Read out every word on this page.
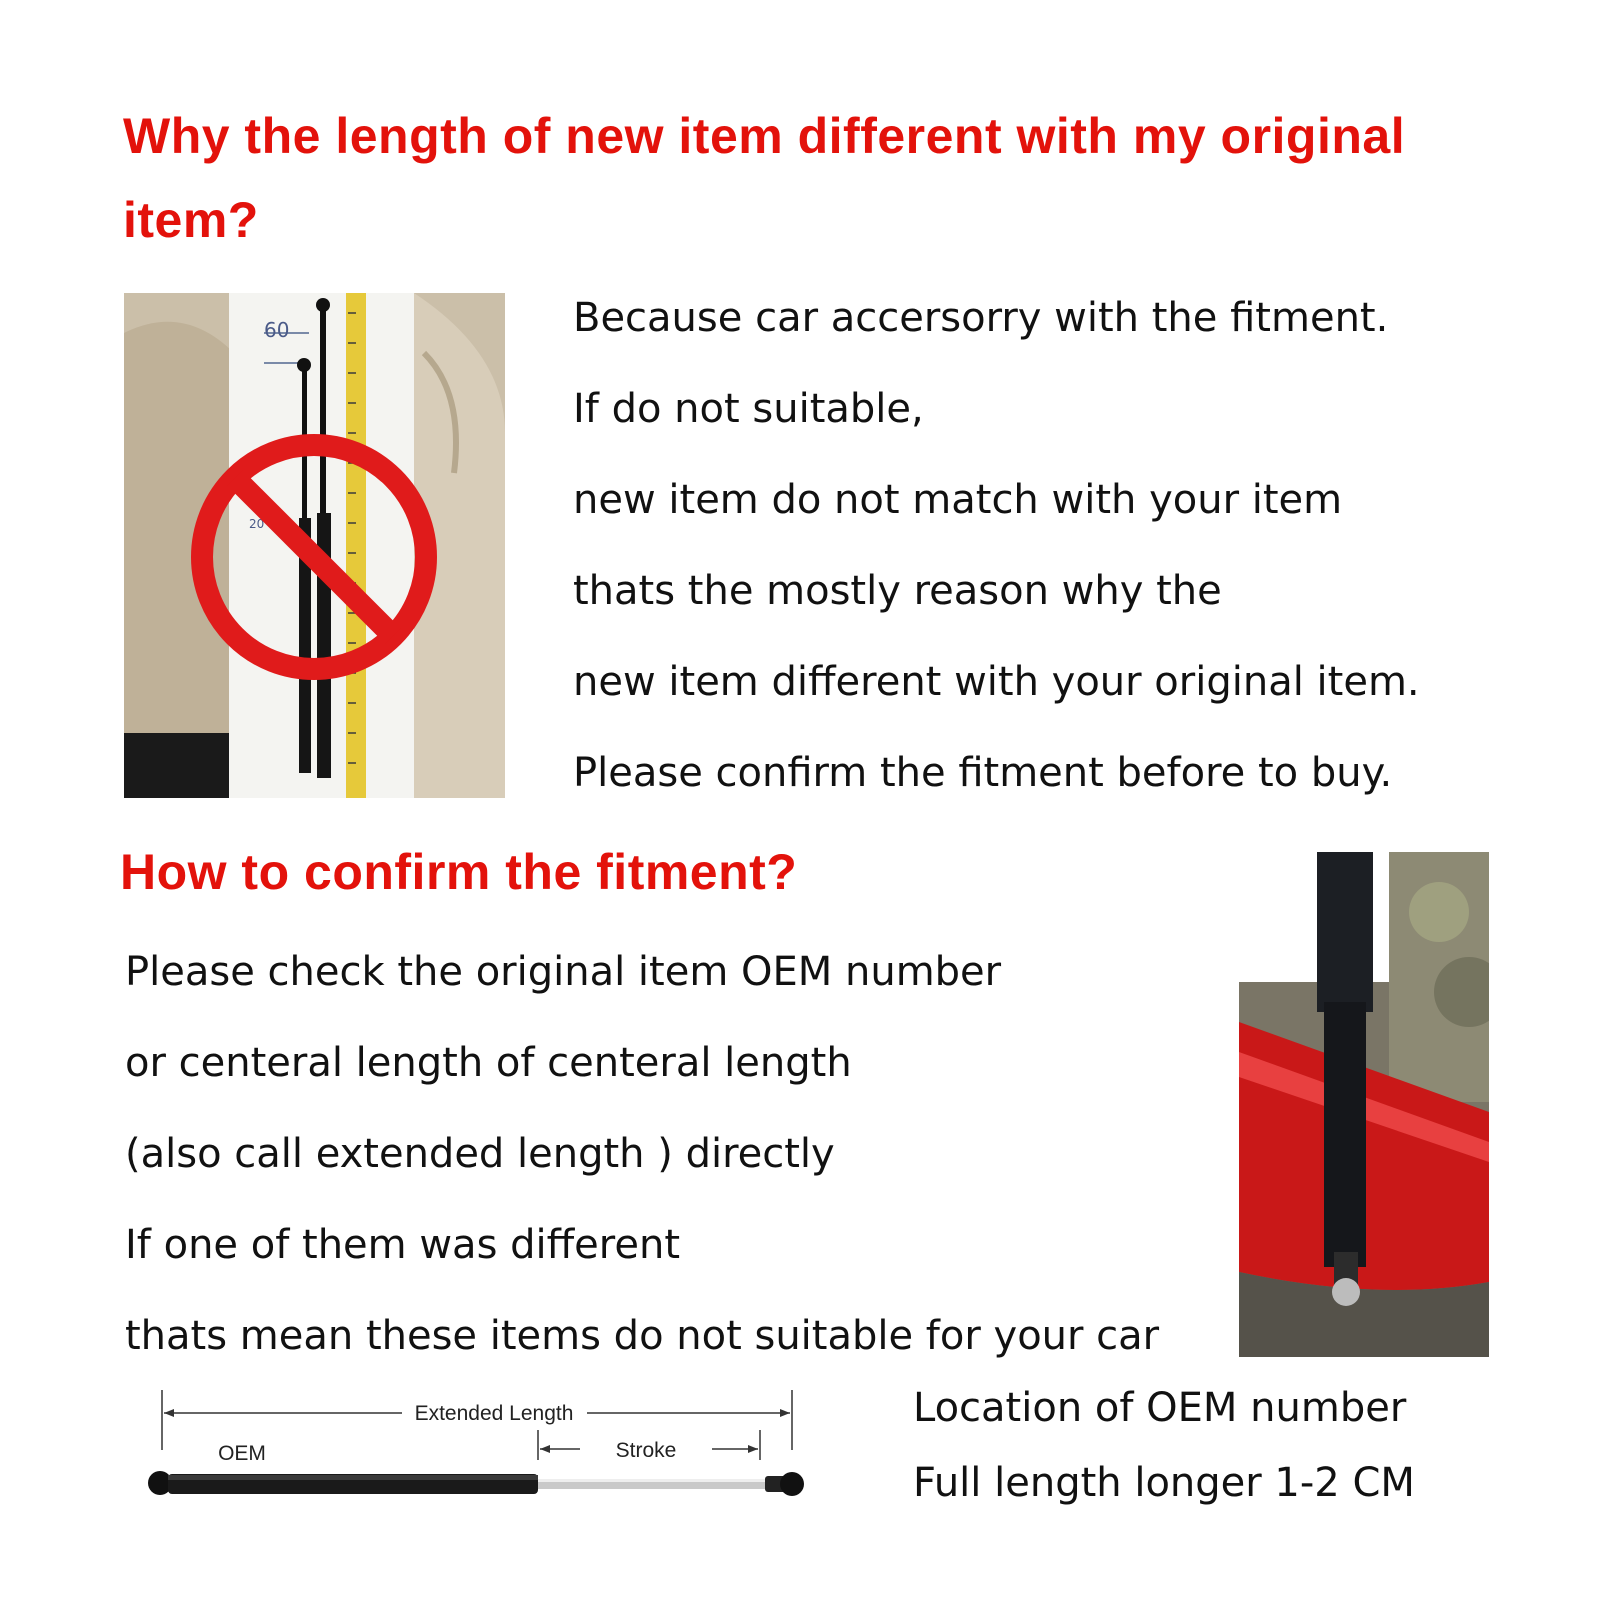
Why the length of new item different with my original item?
60
20
Because car accersorry with the fitment.
If do not suitable,
new item do not match with your item
thats the mostly reason why the
new item different with your original item.
Please confirm the fitment before to buy.
How to confirm the fitment?
Please check the original item OEM number
or centeral length of centeral length
(also call extended length ) directly
If one of them was different
thats mean these items do not suitable for your car
Extended Length
Stroke
OEM
Location of OEM number
Full length longer 1-2 CM
